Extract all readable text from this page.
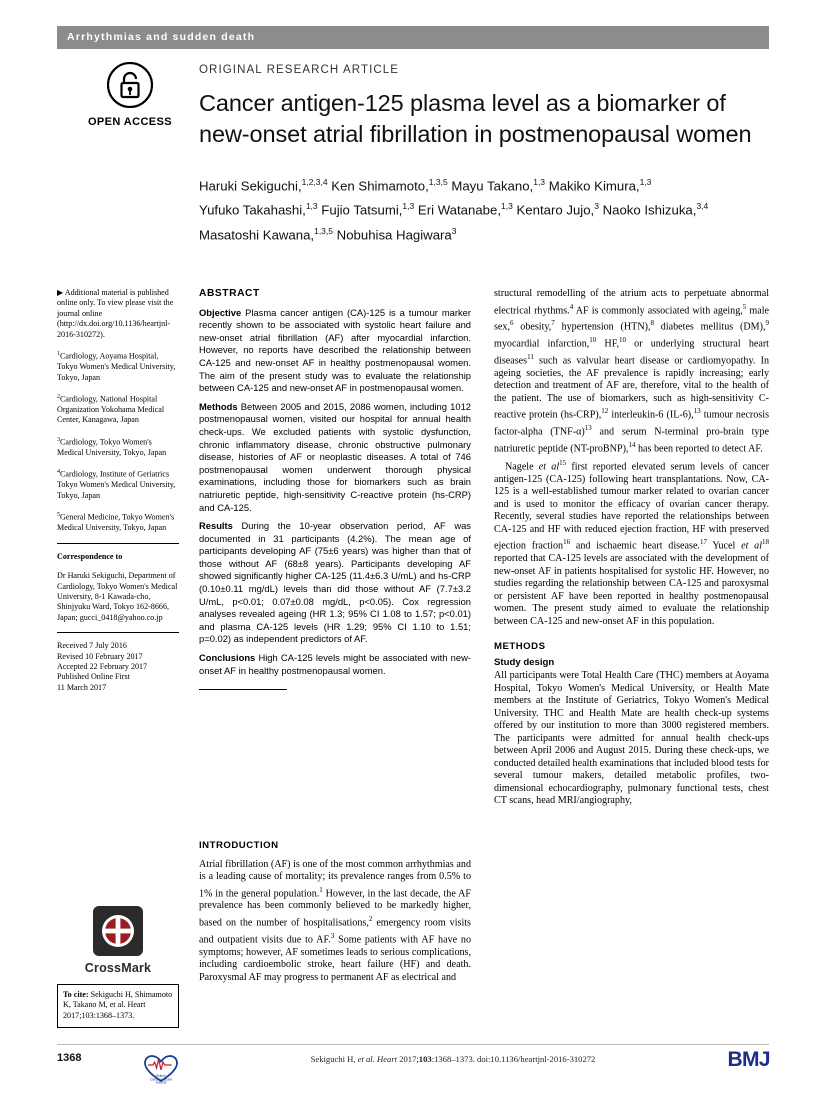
Arrhythmias and sudden death
OPEN ACCESS
ORIGINAL RESEARCH ARTICLE
Cancer antigen-125 plasma level as a biomarker of new-onset atrial fibrillation in postmenopausal women
Haruki Sekiguchi,$^{1,2,3,4}$ Ken Shimamoto,$^{1,3,5}$ Mayu Takano,$^{1,3}$ Makiko Kimura,$^{1,3}$
Yufuko Takahashi,$^{1,3}$ Fujio Tatsumi,$^{1,3}$ Eri Watanabe,$^{1,3}$ Kentaro Jujo,$^3$ Naoko Ishizuka,$^{3,4}$
Masatoshi Kawana,$^{1,3,5}$ Nobuhisa Hagiwara$^3$

▶ Additional material is published online only. To view please visit the journal online (http://dx.doi.org/10.1136/heartjnl-2016-310272).

$^1$Cardiology, Aoyama Hospital, Tokyo Women's Medical University, Tokyo, Japan

$^2$Cardiology, National Hospital Organization Yokohama Medical Center, Kanagawa, Japan

$^3$Cardiology, Tokyo Women's Medical University, Tokyo, Japan

$^4$Cardiology, Institute of Geriatrics Tokyo Women's Medical University, Tokyo, Japan

$^5$General Medicine, Tokyo Women's Medical University, Tokyo, Japan

Correspondence to

Dr Haruki Sekiguchi, Department of Cardiology, Tokyo Women's Medical University, 8-1 Kawada-cho, Shinjyuku Ward, Tokyo 162-8666, Japan; gucci_0418@yahoo.co.jp

Received 7 July 2016
Revised 10 February 2017
Accepted 22 February 2017
Published Online First
11 March 2017

CrossMark
To cite: Sekiguchi H, Shimamoto K, Takano M, et al. Heart 2017;103:1368–1373.
ABSTRACT

Objective Plasma cancer antigen (CA)-125 is a tumour marker recently shown to be associated with systolic heart failure and new-onset atrial fibrillation (AF) after myocardial infarction. However, no reports have described the relationship between CA-125 and new-onset AF in healthy postmenopausal women. The aim of the present study was to evaluate the relationship between CA-125 and new-onset AF in postmenopausal women.

Methods Between 2005 and 2015, 2086 women, including 1012 postmenopausal women, visited our hospital for annual health check-ups. We excluded patients with systolic dysfunction, chronic inflammatory disease, chronic obstructive pulmonary disease, histories of AF or neoplastic diseases. A total of 746 postmenopausal women underwent thorough physical examinations, including those for biomarkers such as brain natriuretic peptide, high-sensitivity C-reactive protein (hs-CRP) and CA-125.

Results During the 10-year observation period, AF was documented in 31 participants (4.2%). The mean age of participants developing AF (75±6 years) was higher than that of those without AF (68±8 years). Participants developing AF showed significantly higher CA-125 (11.4±6.3 U/mL) and hs-CRP (0.10±0.11 mg/dL) levels than did those without AF (7.7±3.2 U/mL, p<0.01; 0.07±0.08 mg/dL, p<0.05). Cox regression analyses revealed ageing (HR 1.3; 95% CI 1.08 to 1.57; p<0.01) and plasma CA-125 levels (HR 1.29; 95% CI 1.10 to 1.51; p=0.02) as independent predictors of AF.

Conclusions High CA-125 levels might be associated with new-onset AF in healthy postmenopausal women.

INTRODUCTION

Atrial fibrillation (AF) is one of the most common arrhythmias and is a leading cause of mortality; its prevalence ranges from 0.5% to 1% in the general population.$^1$ However, in the last decade, the AF prevalence has been commonly believed to be markedly higher, based on the number of hospitalisations,$^2$ emergency room visits and outpatient visits due to AF.$^3$ Some patients with AF have no symptoms; however, AF sometimes leads to serious complications, including cardioembolic stroke, heart failure (HF) and death. Paroxysmal AF may progress to permanent AF as electrical and

structural remodelling of the atrium acts to perpetuate abnormal electrical rhythms.$^4$ AF is commonly associated with ageing,$^5$ male sex,$^6$ obesity,$^7$ hypertension (HTN),$^8$ diabetes mellitus (DM),$^9$ myocardial infarction,$^{10}$ HF,$^{10}$ or underlying structural heart diseases$^{11}$ such as valvular heart disease or cardiomyopathy. In ageing societies, the AF prevalence is rapidly increasing; early detection and treatment of AF are, therefore, vital to the health of the patient. The use of biomarkers, such as high-sensitivity C-reactive protein (hs-CRP),$^{12}$ interleukin-6 (IL-6),$^{13}$ tumour necrosis factor-alpha $(TNF-\alpha)^{13}$ and serum N-terminal pro-brain type natriuretic peptide (NT-proBNP),$^{14}$ has been reported to detect AF.

Nagele et $al^{15}$ first reported elevated serum levels of cancer antigen-125 (CA-125) following heart transplantations. Now, CA-125 is a well-established tumour marker related to ovarian cancer and is used to monitor the efficacy of ovarian cancer therapy. Recently, several studies have reported the relationships between CA-125 and HF with reduced ejection fraction, HF with preserved ejection fraction$^{16}$ and ischaemic heart disease.$^{17}$ Yucel et $al^{18}$ reported that CA-125 levels are associated with the development of new-onset AF in patients hospitalised for systolic HF. However, no studies regarding the relationship between CA-125 and paroxysmal or persistent AF have been reported in healthy postmenopausal women. The present study aimed to evaluate the relationship between CA-125 and new-onset AF in this population.

METHODS
Study design

All participants were Total Health Care (THC) members at Aoyama Hospital, Tokyo Women's Medical University, or Health Mate members at the Institute of Geriatrics, Tokyo Women's Medical University. THC and Health Mate are health check-up systems offered by our institution to more than 3000 registered members. The participants were admitted for annual health check-ups between April 2006 and August 2015. During these check-ups, we conducted detailed health examinations that included blood tests for several tumour makers, detailed metabolic profiles, two-dimensional echocardiography, pulmonary functional tests, chest CT scans, head MRI/angiography,

1368
British
Cardiovascular
Society
Sekiguchi H, et al. Heart 2017;103:1368–1373. doi:10.1136/heartjnl-2016-310272	BMJ
